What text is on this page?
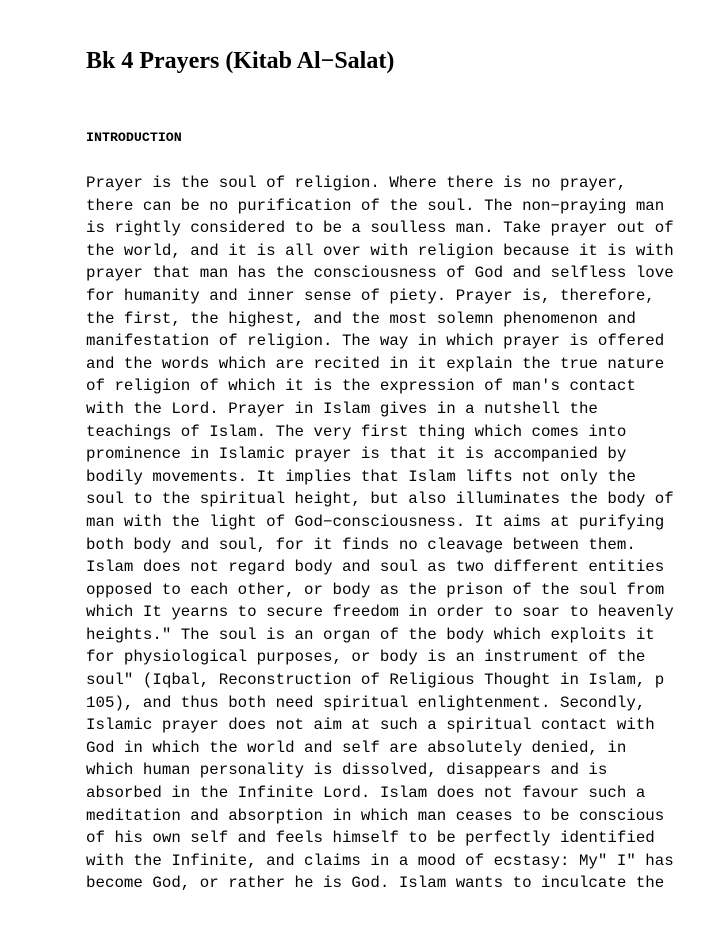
Bk 4 Prayers (Kitab Al−Salat)
INTRODUCTION
Prayer is the soul of religion. Where there is no prayer,
there can be no purification of the soul. The non−praying man
is rightly considered to be a soulless man. Take prayer out of
the world, and it is all over with religion because it is with
prayer that man has the consciousness of God and selfless love
for humanity and inner sense of piety. Prayer is, therefore,
the first, the highest, and the most solemn phenomenon and
manifestation of religion. The way in which prayer is offered
and the words which are recited in it explain the true nature
of religion of which it is the expression of man's contact
with the Lord. Prayer in Islam gives in a nutshell the
teachings of Islam. The very first thing which comes into
prominence in Islamic prayer is that it is accompanied by
bodily movements. It implies that Islam lifts not only the
soul to the spiritual height, but also illuminates the body of
man with the light of God−consciousness. It aims at purifying
both body and soul, for it finds no cleavage between them.
Islam does not regard body and soul as two different entities
opposed to each other, or body as the prison of the soul from
which It yearns to secure freedom in order to soar to heavenly
heights." The soul is an organ of the body which exploits it
for physiological purposes, or body is an instrument of the
soul" (Iqbal, Reconstruction of Religious Thought in Islam, p
105), and thus both need spiritual enlightenment. Secondly,
Islamic prayer does not aim at such a spiritual contact with
God in which the world and self are absolutely denied, in
which human personality is dissolved, disappears and is
absorbed in the Infinite Lord. Islam does not favour such a
meditation and absorption in which man ceases to be conscious
of his own self and feels himself to be perfectly identified
with the Infinite, and claims in a mood of ecstasy: My" I" has
become God, or rather he is God. Islam wants to inculcate the
